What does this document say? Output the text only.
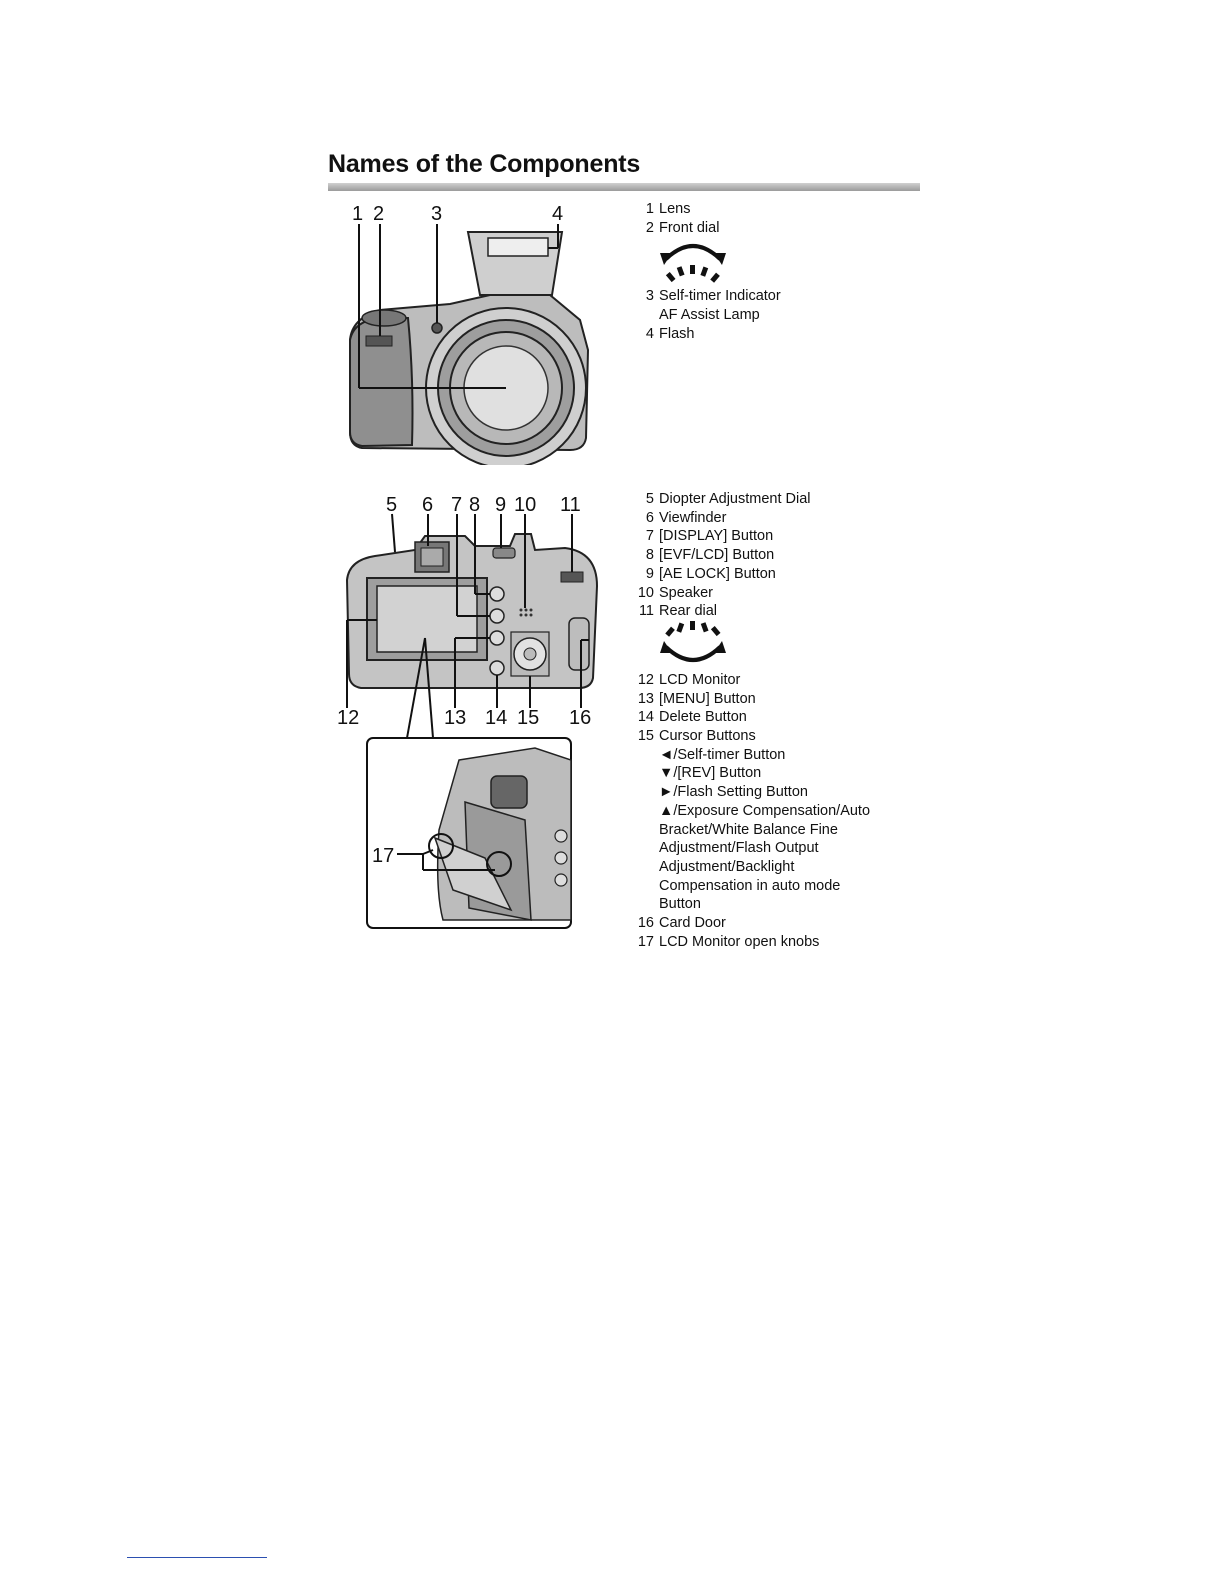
Names of the Components
1 2 3	4	1 Lens
2 Front dial
3 Self-timer Indicator
AF Assist Lamp
4 Flash
5 6 7 8 9 10 11
12	13 14 15 16
17
5 Diopter Adjustment Dial
6 Viewfinder
7 [DISPLAY] Button
8 [EVF/LCD] Button
9 [AE LOCK] Button
10 Speaker
11 Rear dial
12 LCD Monitor
13 [MENU] Button
14 Delete Button
15 Cursor Buttons
◄/Self-timer Button
▼/[REV] Button
►/Flash Setting Button
▲/Exposure Compensation/Auto
Bracket/White Balance Fine
Adjustment/Flash Output
Adjustment/Backlight
Compensation in auto mode
Button
16 Card Door
17 LCD Monitor open knobs
